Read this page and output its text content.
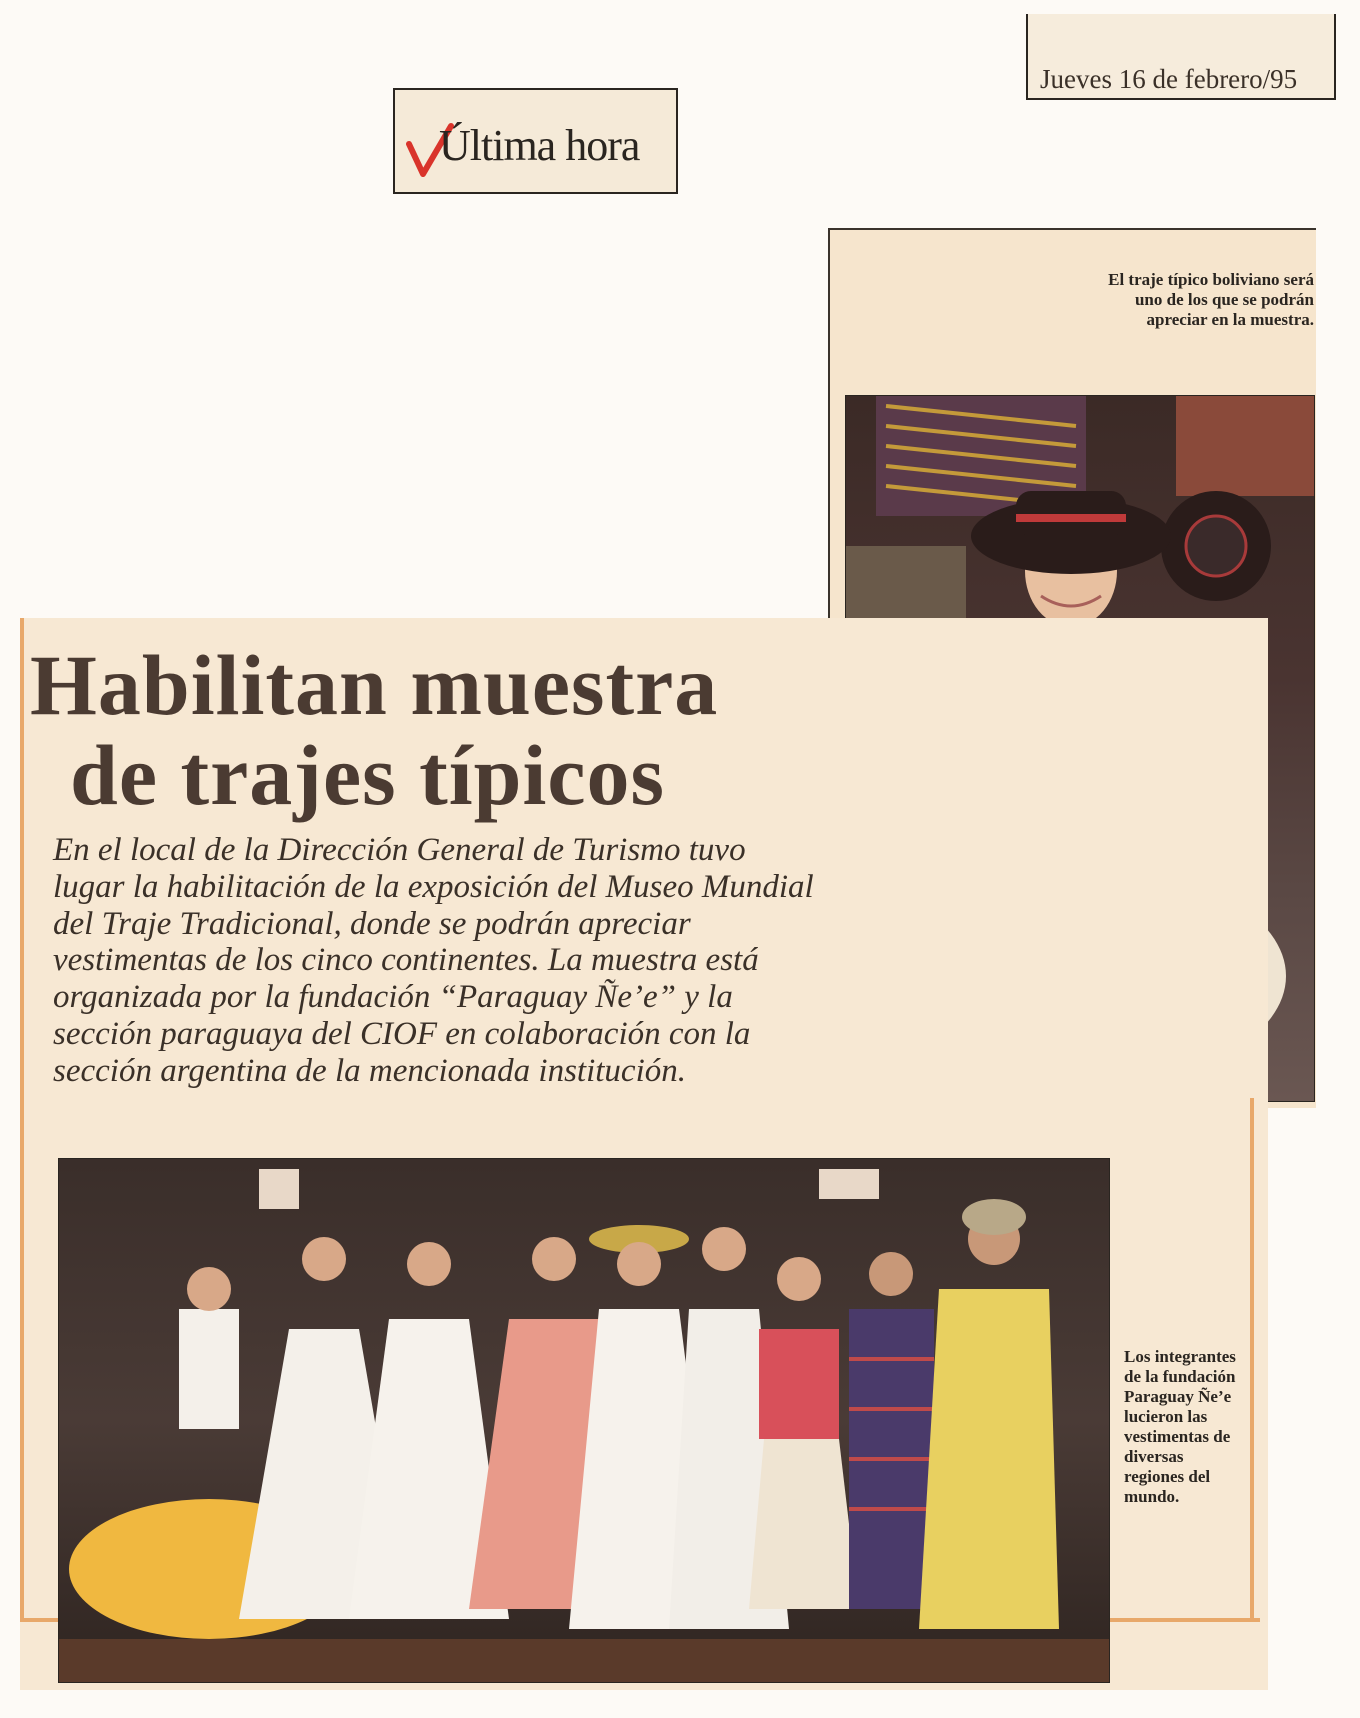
Jueves 16 de febrero/95
Última hora
El traje típico boliviano será uno de los que se podrán apreciar en la muestra.
Habilitan muestra
de trajes típicos
En el local de la Dirección General de Turismo tuvo lugar la habilitación de la exposición del Museo Mundial del Traje Tradicional, donde se podrán apreciar vestimentas de los cinco continentes. La muestra está organizada por la fundación “Paraguay Ñe’e” y la sección paraguaya del CIOF en colaboración con la sección argentina de la mencionada institución.
Los integrantes de la fundación Paraguay Ñe’e lucieron las vestimentas de diversas regiones del mundo.
